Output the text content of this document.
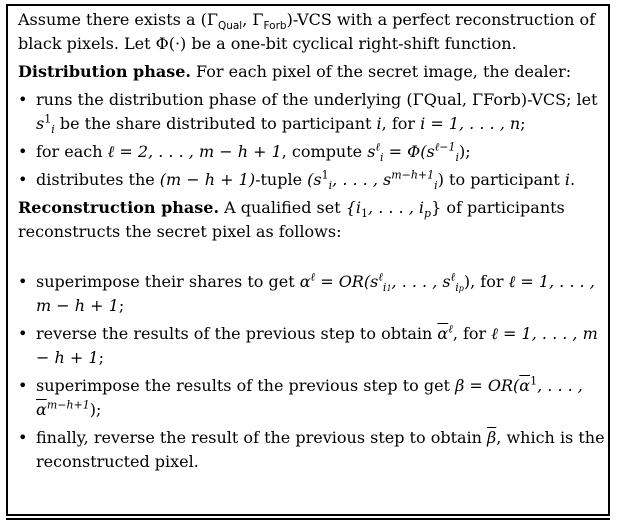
Assume there exists a ($\Gamma_{Qual}$, $\Gamma_{Forb}$)-VCS with a perfect reconstruction of black pixels. Let Φ(·) be a one-bit cyclical right-shift function.

Distribution phase. For each pixel of the secret image, the dealer:

• runs the distribution phase of the underlying (ΓQual, ΓForb)-VCS; let $s^1_i$ be the share distributed to participant i, for i = 1, . . . , n;
• for each ℓ = 2, . . . , m − h + 1, compute $s^\ell_i = \Phi(s^{\ell-1}_i)$;
• distributes the (m − h + 1)-tuple ($s^1_i$, . . . , $s^{m-h+1}_i$) to participant i.

Reconstruction phase. A qualified set {$i_1$, . . . , $i_p$} of participants reconstructs the secret pixel as follows:

• superimpose their shares to get $\alpha^\ell = OR(s^\ell_{i1}$, . . . , $s^\ell_{ip}$), for ℓ = 1, . . . , m − h + 1;
• reverse the results of the previous step to obtain $\overline{\alpha}^\ell$, for ℓ = 1, . . . , m − h + 1;
• superimpose the results of the previous step to get $\beta = OR(\overline{\alpha}^1$, . . . , $\overline{\alpha}^{m-h+1}$);
• finally, reverse the result of the previous step to obtain $\overline{\beta}$, which is the reconstructed pixel.
